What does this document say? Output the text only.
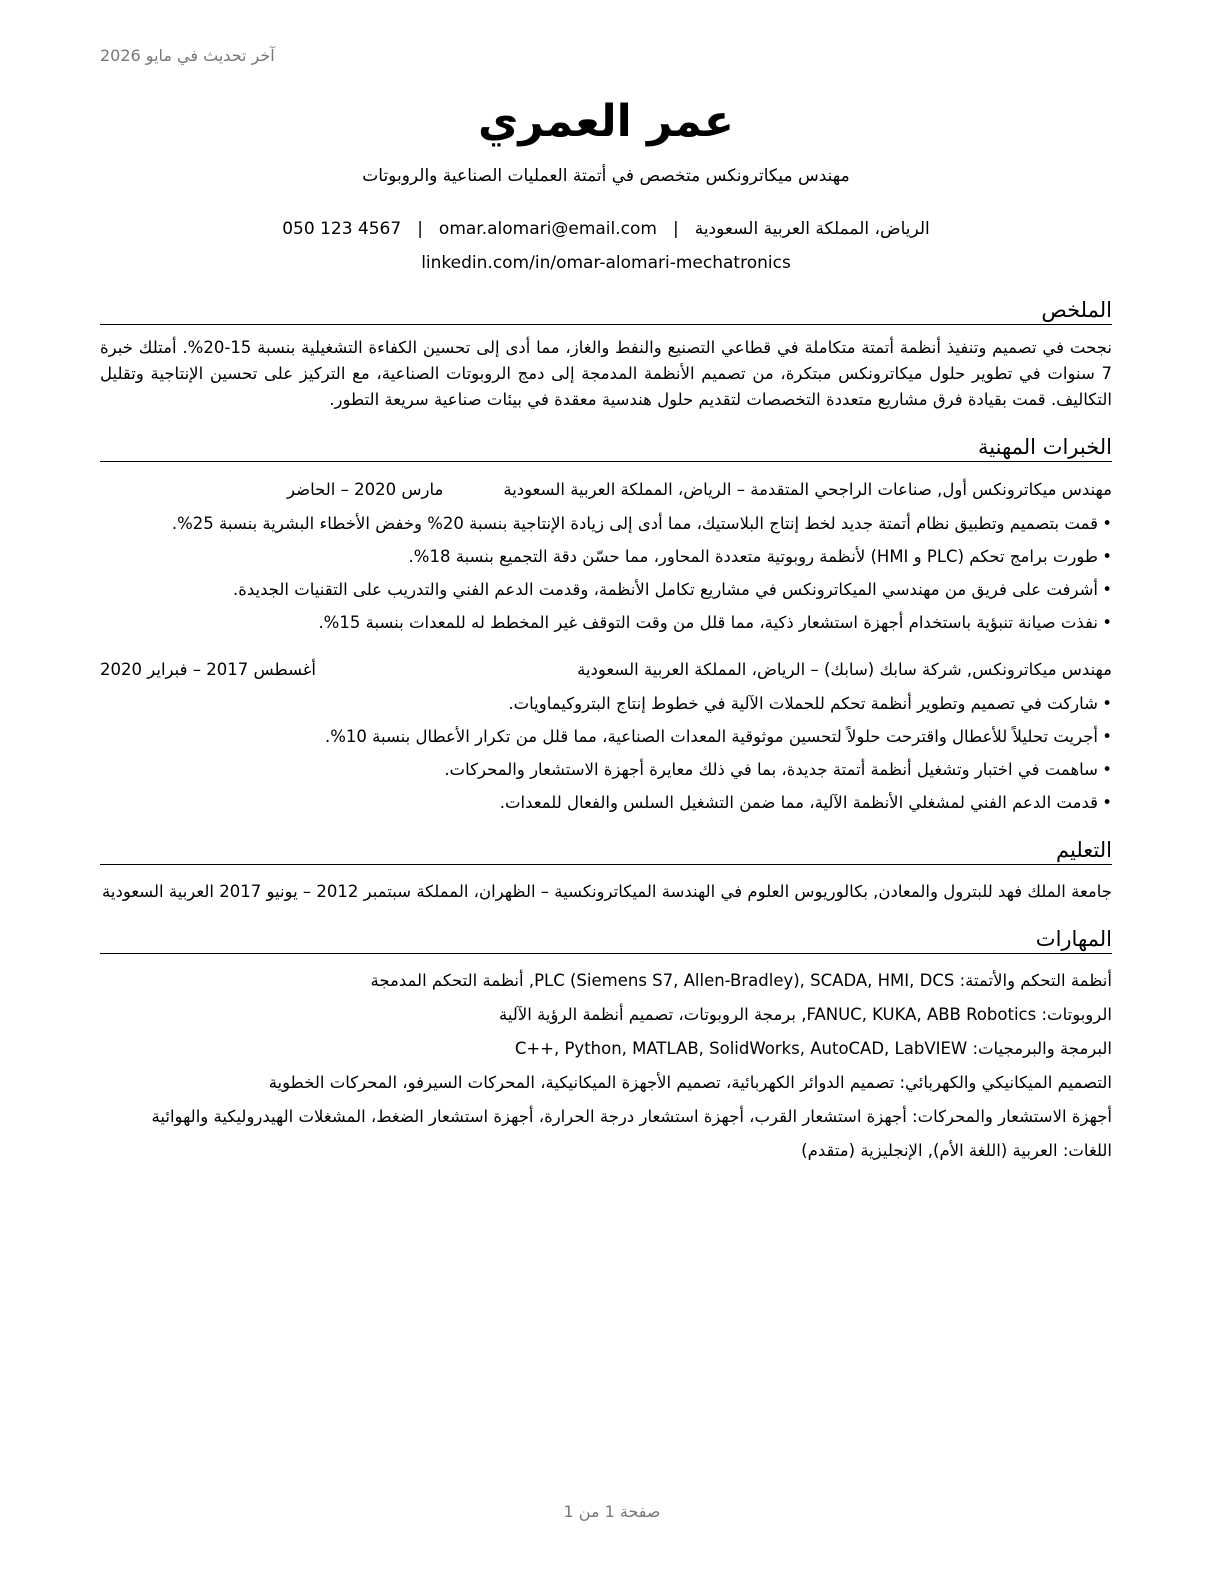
آخر تحديث في مايو 2026
عمر العمري
مهندس ميكاترونكس متخصص في أتمتة العمليات الصناعية والروبوتات
الرياض، المملكة العربية السعودية|omar.alomari@email.com|050 123 4567
linkedin.com/in/omar-alomari-mechatronics
الملخص
نجحت في تصميم وتنفيذ أنظمة أتمتة متكاملة في قطاعي التصنيع والنفط والغاز، مما أدى إلى تحسين الكفاءة التشغيلية بنسبة 15-20%. أمتلك خبرة 7 سنوات في تطوير حلول ميكاترونكس مبتكرة، من تصميم الأنظمة المدمجة إلى دمج الروبوتات الصناعية، مع التركيز على تحسين الإنتاجية وتقليل التكاليف. قمت بقيادة فرق مشاريع متعددة التخصصات لتقديم حلول هندسية معقدة في بيئات صناعية سريعة التطور.
الخبرات المهنية
مهندس ميكاترونكس أول, صناعات الراجحي المتقدمة – الرياض، المملكة العربية السعودية
مارس 2020 – الحاضر
• قمت بتصميم وتطبيق نظام أتمتة جديد لخط إنتاج البلاستيك، مما أدى إلى زيادة الإنتاجية بنسبة 20% وخفض الأخطاء البشرية بنسبة 25%.
• طورت برامج تحكم (PLC و HMI) لأنظمة روبوتية متعددة المحاور، مما حسّن دقة التجميع بنسبة 18%.
• أشرفت على فريق من مهندسي الميكاترونكس في مشاريع تكامل الأنظمة، وقدمت الدعم الفني والتدريب على التقنيات الجديدة.
• نفذت صيانة تنبؤية باستخدام أجهزة استشعار ذكية، مما قلل من وقت التوقف غير المخطط له للمعدات بنسبة 15%.
مهندس ميكاترونكس, شركة سابك (سابك) – الرياض، المملكة العربية السعودية
أغسطس 2017 – فبراير 2020
• شاركت في تصميم وتطوير أنظمة تحكم للحملات الآلية في خطوط إنتاج البتروكيماويات.
• أجريت تحليلاً للأعطال واقترحت حلولاً لتحسين موثوقية المعدات الصناعية، مما قلل من تكرار الأعطال بنسبة 10%.
• ساهمت في اختبار وتشغيل أنظمة أتمتة جديدة، بما في ذلك معايرة أجهزة الاستشعار والمحركات.
• قدمت الدعم الفني لمشغلي الأنظمة الآلية، مما ضمن التشغيل السلس والفعال للمعدات.
التعليم
جامعة الملك فهد للبترول والمعادن, بكالوريوس العلوم في الهندسة الميكاترونكسية – الظهران، المملكة سبتمبر 2012 – يونيو 2017 العربية السعودية
المهارات
أنظمة التحكم والأتمتة: PLC (Siemens S7, Allen-Bradley), SCADA, HMI, DCS, أنظمة التحكم المدمجة
الروبوتات: FANUC, KUKA, ABB Robotics, برمجة الروبوتات، تصميم أنظمة الرؤية الآلية
البرمجة والبرمجيات: C++, Python, MATLAB, SolidWorks, AutoCAD, LabVIEW
التصميم الميكانيكي والكهربائي: تصميم الدوائر الكهربائية، تصميم الأجهزة الميكانيكية، المحركات السيرفو، المحركات الخطوية
أجهزة الاستشعار والمحركات: أجهزة استشعار القرب، أجهزة استشعار درجة الحرارة، أجهزة استشعار الضغط، المشغلات الهيدروليكية والهوائية
اللغات: العربية (اللغة الأم), الإنجليزية (متقدم)
صفحة 1 من 1
